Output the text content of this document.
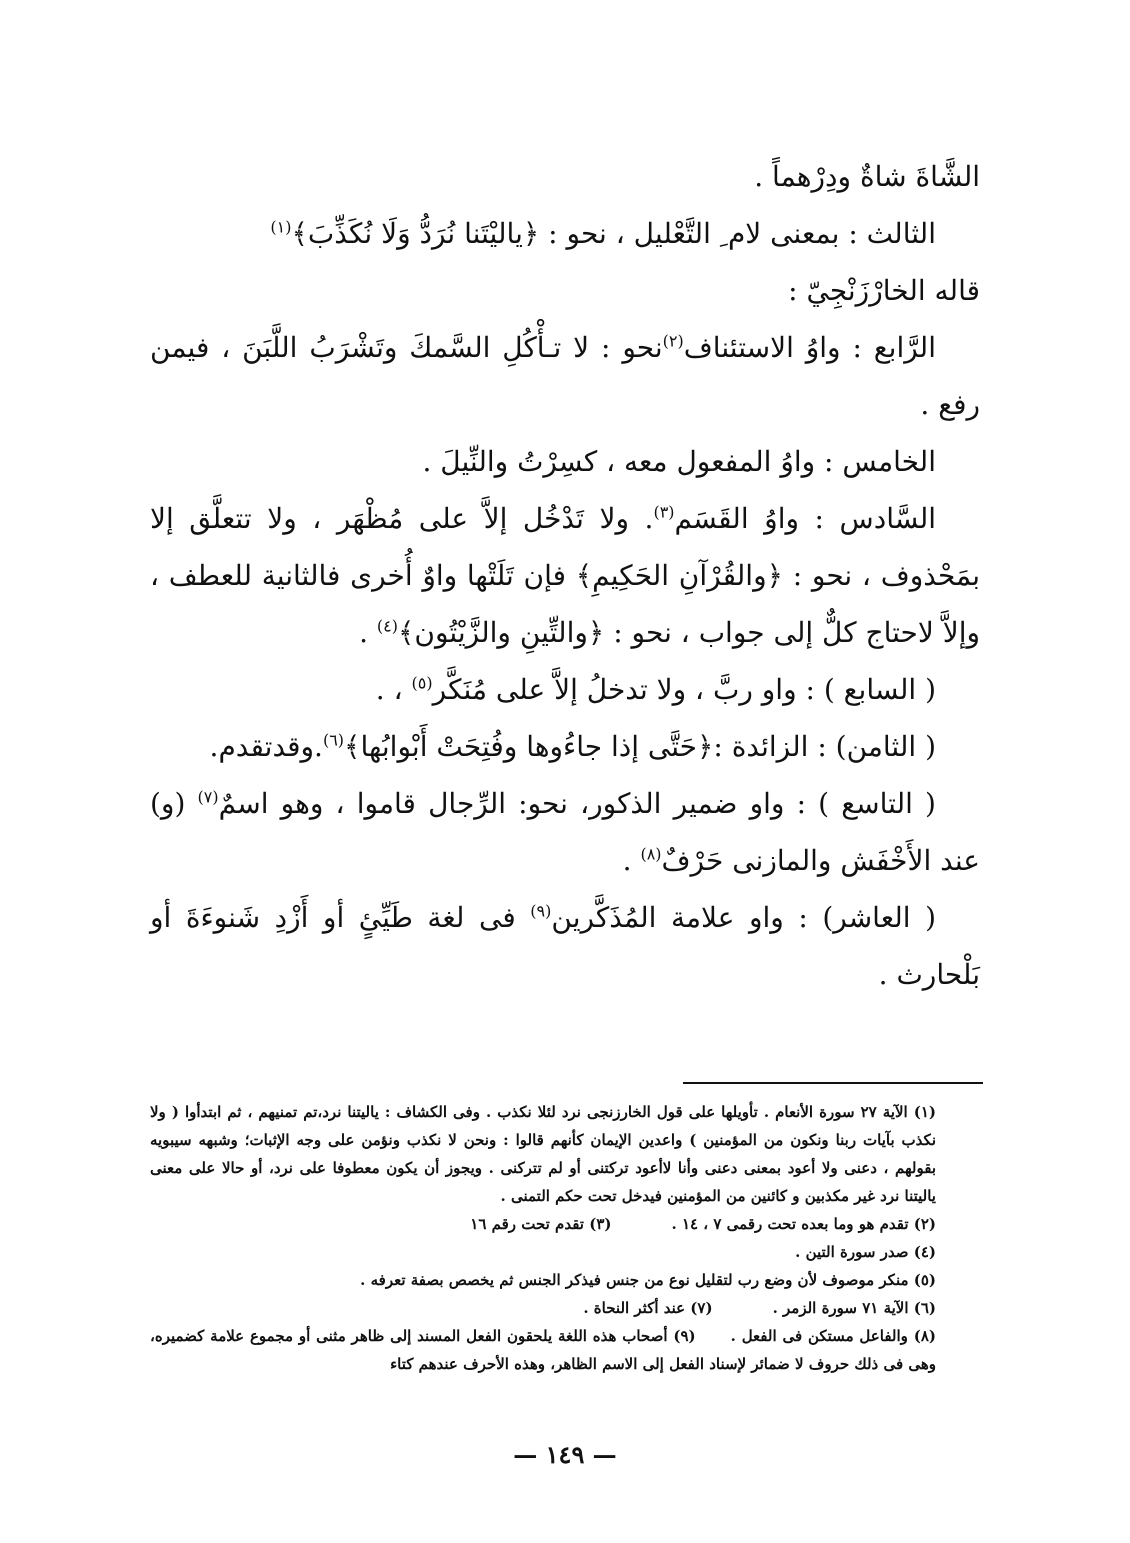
الشَّاةَ شاةٌ ودِرْهماً .

الثالث : بمعنى لام ِ التَّعْليل ، نحو : ﴿ياليْتَنا نُرَدُّ وَلَا نُكَذِّبَ﴾$^{(١)}$

قاله الخارْزَنْجِيّ :

الرَّابع : واوُ الاستئناف$^{(٢)}$نحو : لا تـأْكُلِ السَّمكَ وتَشْرَبُ اللَّبَنَ ، فيمن رفع .

الخامس : واوُ المفعول معه ، كسِرْتُ والنِّيلَ .

السَّادس : واوُ القَسَم$^{(٣)}$. ولا تَدْخُل إلاَّ على مُظْهَر ، ولا تتعلَّق إلا بمَحْذوف ، نحو : ﴿والقُرْآنِ الحَكِيمِ﴾ فإن تَلَتْها واوٌ أُخرى فالثانية للعطف ، وإلاَّ لاحتاج كلٌّ إلى جواب ، نحو : ﴿والتِّينِ والزَّيْتُون﴾$^{(٤)}$ .

( السابع ) : واو ربَّ ، ولا تدخلُ إلاَّ على مُنَكَّر$^{(٥)}$ ، .

( الثامن) : الزائدة :﴿حَتَّى إذا جاءُوها وفُتِحَتْ أَبْوابُها﴾$^{(٦)}$.وقدتقدم.

( التاسع ) : واو ضمير الذكور، نحو: الرِّجال قاموا ، وهو اسمٌ$^{(٧)}$ (و) عند الأَخْفَش والمازنى حَرْفٌ$^{(٨)}$ .

( العاشر) : واو علامة المُذَكَّرين$^{(٩)}$ فى لغة طَيِّئٍ أو أَزْدِ شَنوءَةَ أو بَلْحارث .

(١) الآية ٢٧ سورة الأنعام . تأويلها على قول الخارزنجى نرد لئلا نكذب . وفى الكشاف : ياليتنا نرد،تم تمنيهم ، ثم ابتدأوا ( ولا نكذب بآيات ربنا ونكون من المؤمنين ) واعدين الإيمان كأنهم قالوا : ونحن لا نكذب ونؤمن على وجه الإثبات؛ وشبهه سيبويه بقولهم ، دعنى ولا أعود بمعنى دعنى وأنا لاأعود تركتنى أو لم تتركنى . ويجوز أن يكون معطوفا على نرد، أو حالا على معنى ياليتنا نرد غير مكذبين و كائنين من المؤمنين فيدخل تحت حكم التمنى .

(٢) تقدم هو وما بعده تحت رقمى ٧ ، ١٤ .
(٣) تقدم تحت رقم ١٦

(٤) صدر سورة التين .

(٥) منكر موصوف لأن وضع رب لتقليل نوع من جنس فيذكر الجنس ثم يخصص بصفة تعرفه .

(٦) الآية ٧١ سورة الزمر .
(٧) عند أكثر النحاة .

(٨) والفاعل مستكن فى الفعل .      (٩) أصحاب هذه اللغة يلحقون الفعل المسند إلى ظاهر مثنى أو مجموع علامة كضميره، وهى فى ذلك حروف لا ضمائر لإسناد الفعل إلى الاسم الظاهر، وهذه الأحرف عندهم كتاء

— ١٤٩ —
